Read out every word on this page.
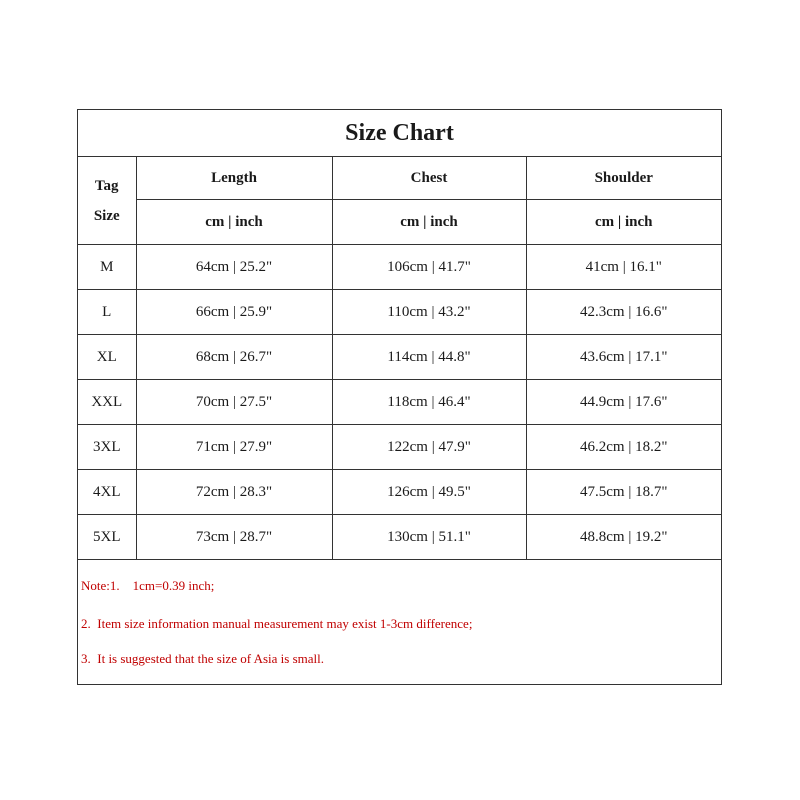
Size Chart
Tag
Size	Length	Chest	Shoulder
	cm | inch	cm | inch	cm | inch
M	64cm | 25.2"	106cm | 41.7"	41cm | 16.1"
L	66cm | 25.9"	110cm | 43.2"	42.3cm | 16.6"
XL	68cm | 26.7"	114cm | 44.8"	43.6cm | 17.1"
XXL	70cm | 27.5"	118cm | 46.4"	44.9cm | 17.6"
3XL	71cm | 27.9"	122cm | 47.9"	46.2cm | 18.2"
4XL	72cm | 28.3"	126cm | 49.5"	47.5cm | 18.7"
5XL	73cm | 28.7"	130cm | 51.1"	48.8cm | 19.2"
Note:1.    1cm=0.39 inch;
2.  Item size information manual measurement may exist 1-3cm difference;
3.  It is suggested that the size of Asia is small.
